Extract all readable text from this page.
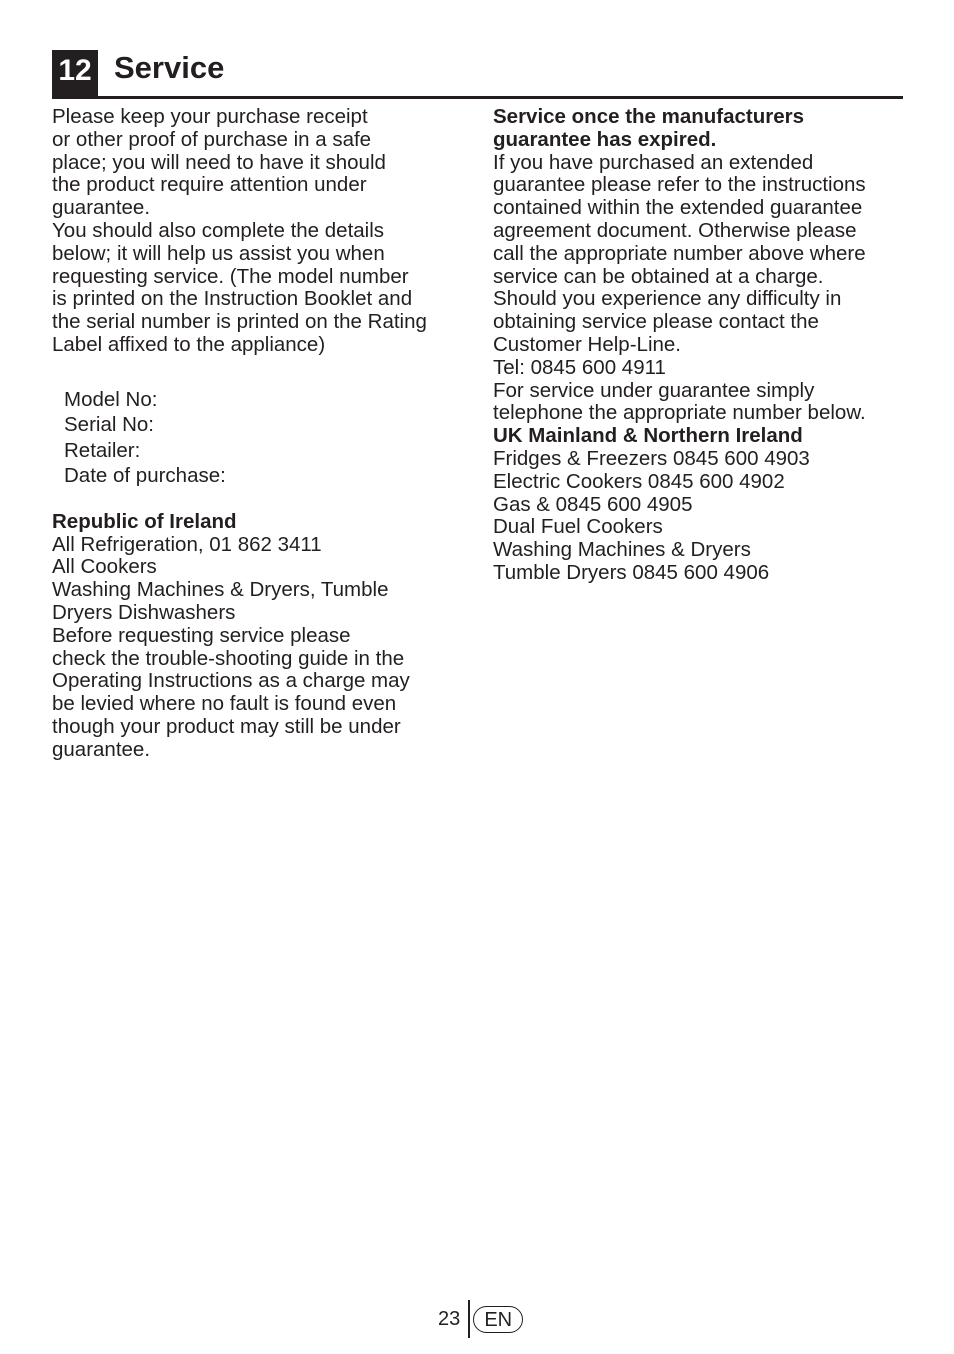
12 Service

Please keep your purchase receipt

or other proof of purchase in a safe

place; you will need to have it should

the product require attention under

guarantee.

You should also complete the details

below; it will help us assist you when

requesting service. (The model number

is printed on the Instruction Booklet and

the serial number is printed on the Rating

Label affixed to the appliance)

Model No:

Serial No:

Retailer:

Date of purchase:

Republic of Ireland

All Refrigeration, 01 862 3411

All Cookers

Washing Machines & Dryers, Tumble

Dryers Dishwashers

Before requesting service please

check the trouble-shooting guide in the

Operating Instructions as a charge may

be levied where no fault is found even

though your product may still be under

guarantee.

Service once the manufacturers

guarantee has expired.

If you have purchased an extended

guarantee please refer to the instructions

contained within the extended guarantee

agreement document. Otherwise please

call the appropriate number above where

service can be obtained at a charge.

Should you experience any difficulty in

obtaining service please contact the

Customer Help-Line.

Tel: 0845 600 4911

For service under guarantee simply

telephone the appropriate number below.

UK Mainland & Northern Ireland

Fridges & Freezers 0845 600 4903

Electric Cookers 0845 600 4902

Gas & 0845 600 4905

Dual Fuel Cookers

Washing Machines & Dryers

Tumble Dryers 0845 600 4906

23	EN
